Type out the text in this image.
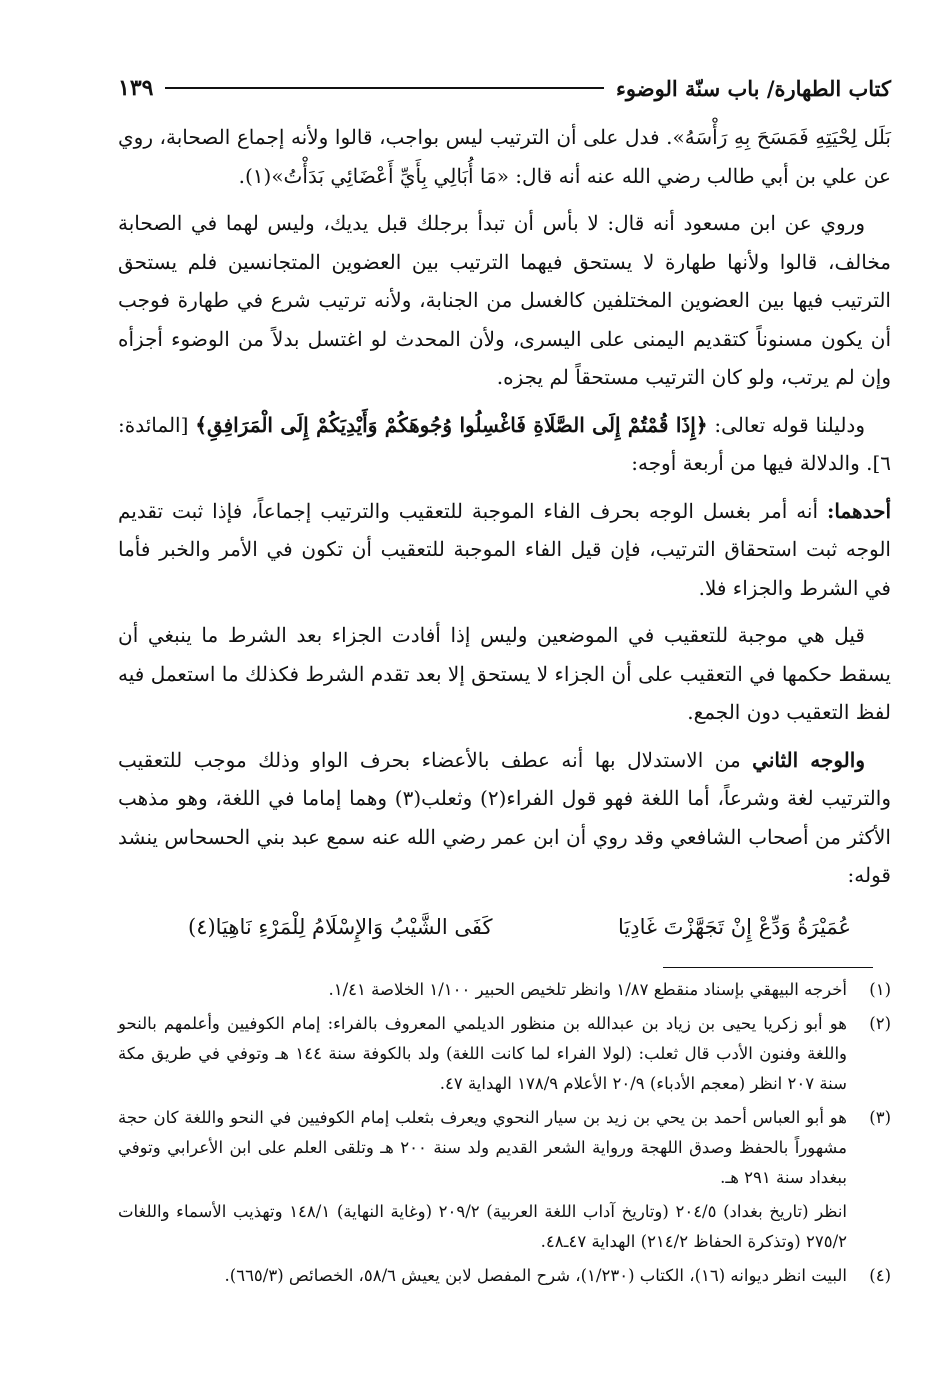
كتاب الطهارة/ باب سنّة الوضوء
١٣٩

بَلَل لِحْيَتِهِ فَمَسَحَ بِهِ رَأْسَهُ». فدل على أن الترتيب ليس بواجب، قالوا ولأنه إجماع الصحابة، روي عن علي بن أبي طالب رضي الله عنه أنه قال: «مَا أُبَالِي بِأَيِّ أَعْضَائِي بَدَأْتُ»(١).

وروي عن ابن مسعود أنه قال: لا بأس أن تبدأ برجلك قبل يديك، وليس لهما في الصحابة مخالف، قالوا ولأنها طهارة لا يستحق فيهما الترتيب بين العضوين المتجانسين فلم يستحق الترتيب فيها بين العضوين المختلفين كالغسل من الجنابة، ولأنه ترتيب شرع في طهارة فوجب أن يكون مسنوناً كتقديم اليمنى على اليسرى، ولأن المحدث لو اغتسل بدلاً من الوضوء أجزأه وإن لم يرتب، ولو كان الترتيب مستحقاً لم يجزه.

ودليلنا قوله تعالى: ﴿إِذَا قُمْتُمْ إِلَى الصَّلَاةِ فَاغْسِلُوا وُجُوهَكُمْ وَأَيْدِيَكُمْ إِلَى الْمَرَافِقِ﴾ [المائدة: ٦]. والدلالة فيها من أربعة أوجه:

أحدهما: أنه أمر بغسل الوجه بحرف الفاء الموجبة للتعقيب والترتيب إجماعاً، فإذا ثبت تقديم الوجه ثبت استحقاق الترتيب، فإن قيل الفاء الموجبة للتعقيب أن تكون في الأمر والخبر فأما في الشرط والجزاء فلا.

قيل هي موجبة للتعقيب في الموضعين وليس إذا أفادت الجزاء بعد الشرط ما ينبغي أن يسقط حكمها في التعقيب على أن الجزاء لا يستحق إلا بعد تقدم الشرط فكذلك ما استعمل فيه لفظ التعقيب دون الجمع.

والوجه الثاني من الاستدلال بها أنه عطف بالأعضاء بحرف الواو وذلك موجب للتعقيب والترتيب لغة وشرعاً، أما اللغة فهو قول الفراء(٢) وثعلب(٣) وهما إماما في اللغة، وهو مذهب الأكثر من أصحاب الشافعي وقد روي أن ابن عمر رضي الله عنه سمع عبد بني الحسحاس ينشد قوله:

عُمَيْرَةُ وَدِّعْ إِنْ تَجَهَّزْتَ غَادِيَا
كَفَى الشَّيْبُ وَالإِسْلَامُ لِلْمَرْءِ نَاهِيَا(٤)
(١)
أخرجه البيهقي بإسناد منقطع ١/٨٧ وانظر تلخيص الحبير ١/١٠٠ الخلاصة ١/٤١.
(٢)
هو أبو زكريا يحيى بن زياد بن عبدالله بن منظور الديلمي المعروف بالفراء: إمام الكوفيين وأعلمهم بالنحو واللغة وفنون الأدب قال ثعلب: (لولا الفراء لما كانت اللغة) ولد بالكوفة سنة ١٤٤ هـ وتوفي في طريق مكة سنة ٢٠٧ انظر (معجم الأدباء) ٢٠/٩ الأعلام ١٧٨/٩ الهداية ٤٧.
(٣)
هو أبو العباس أحمد بن يحي بن زيد بن سيار النحوي ويعرف بثعلب إمام الكوفيين في النحو واللغة كان حجة مشهوراً بالحفظ وصدق اللهجة ورواية الشعر القديم ولد سنة ٢٠٠ هـ وتلقى العلم على ابن الأعرابي وتوفي ببغداد سنة ٢٩١ هـ.
انظر (تاريخ بغداد) ٢٠٤/٥ (وتاريخ آداب اللغة العربية) ٢٠٩/٢ (وغاية النهاية) ١٤٨/١ وتهذيب الأسماء واللغات ٢٧٥/٢ (وتذكرة الحفاظ ٢١٤/٢) الهداية ٤٧ـ٤٨.
(٤)
البيت انظر ديوانه (١٦)، الكتاب (١/٢٣٠)، شرح المفصل لابن يعيش ٥٨/٦، الخصائص (٦٦٥/٣).
